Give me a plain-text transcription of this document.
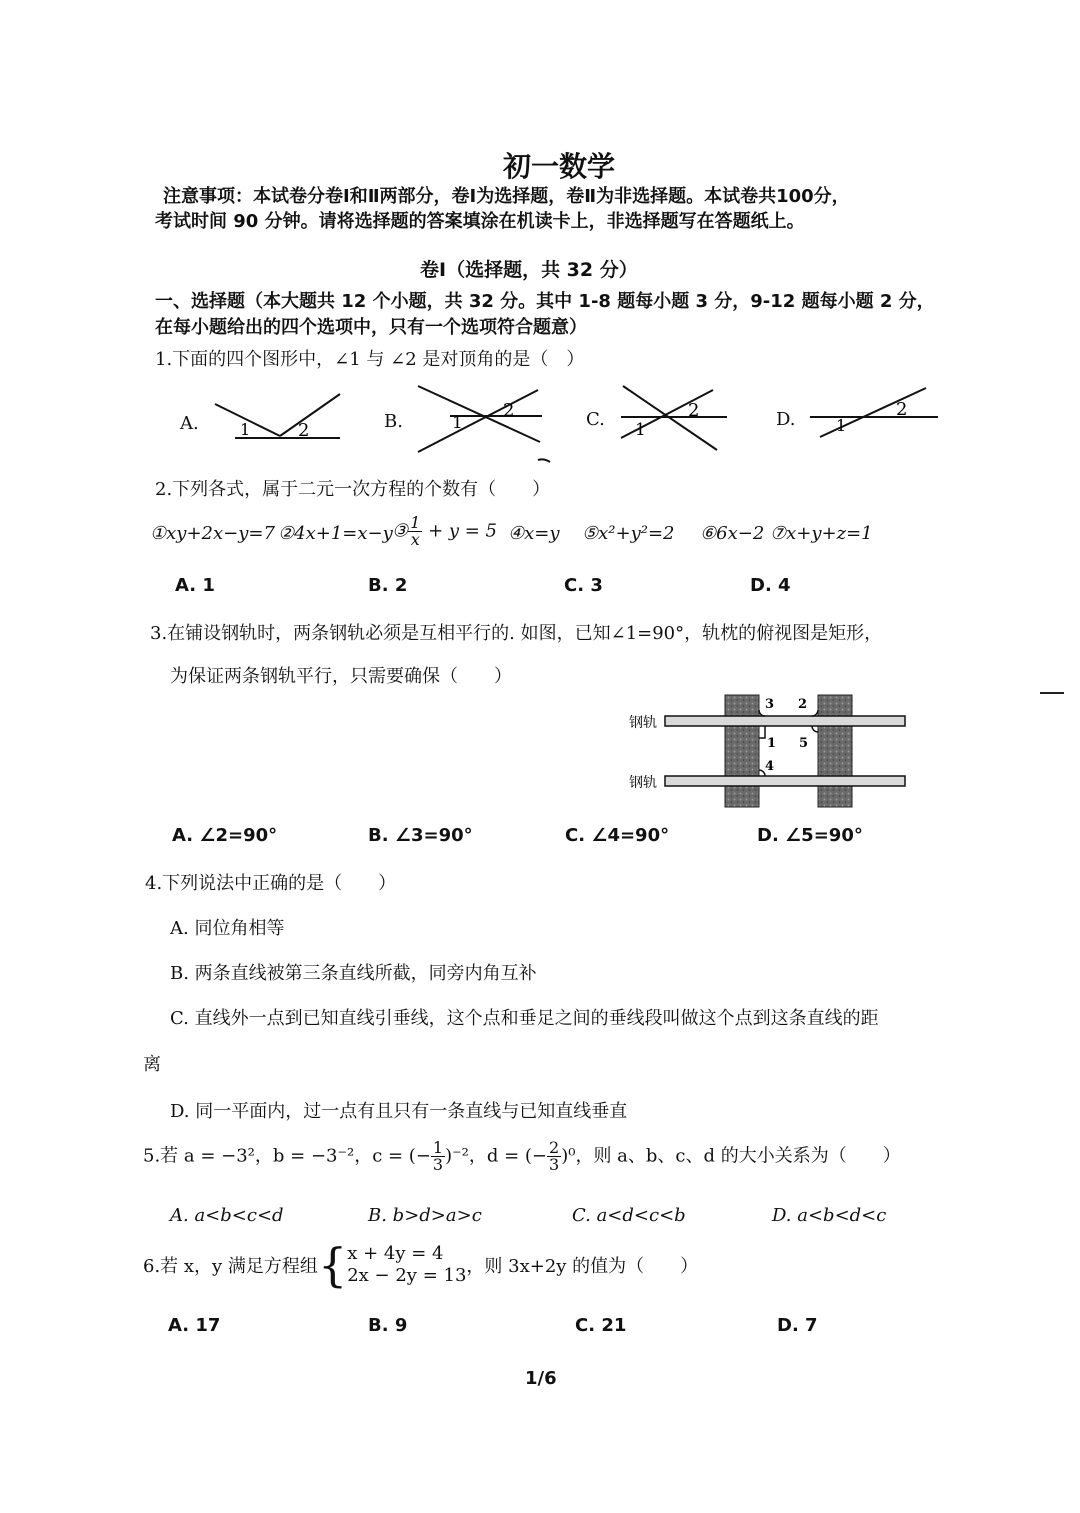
初一数学
注意事项：本试卷分卷Ⅰ和Ⅱ两部分，卷Ⅰ为选择题，卷Ⅱ为非选择题。本试卷共100分，
考试时间 90 分钟。请将选择题的答案填涂在机读卡上，非选择题写在答题纸上。
卷Ⅰ（选择题，共 32 分）
一、选择题（本大题共 12 个小题，共 32 分。其中 1-8 题每小题 3 分，9-12 题每小题 2 分，
在每小题给出的四个选项中，只有一个选项符合题意）
1.下面的四个图形中，∠1 与 ∠2 是对顶角的是（　）
A.	B.	C.	D.
1	2	1
2
1
2
1
2
2.下列各式，属于二元一次方程的个数有（　　）
①xy+2x−y=7 ②4x+1=x−y ③ $\frac{1}{x} + y = 5$ ④x=y ⑤x²+y²=2 ⑥6x−2 ⑦x+y+z=1
A. 1	B. 2	C. 3	D. 4
3.在铺设钢轨时，两条钢轨必须是互相平行的. 如图，已知∠1=90°，轨枕的俯视图是矩形，
为保证两条钢轨平行，只需要确保（　　）
钢轨
钢轨
1
2
3
4
5
A. ∠2=90°	B. ∠3=90°	C. ∠4=90°	D. ∠5=90°
4.下列说法中正确的是（　　）
A. 同位角相等
B. 两条直线被第三条直线所截，同旁内角互补
C. 直线外一点到已知直线引垂线，这个点和垂足之间的垂线段叫做这个点到这条直线的距
离
D. 同一平面内，过一点有且只有一条直线与已知直线垂直
5.若 a = −3²，b = −3⁻²，c = (− $\frac{1}{3} )^{-2}$，d = (− $\frac{2}{3} )^0$，则 a、b、c、d 的大小关系为（　　）
A. a<b<c<d	B. b>d>a>c	C. a<d<c<b	D. a<b<d<c
6.若 x，y 满足方程组{ x + 4y = 4
2x − 2y = 13 ，则 3x+2y 的值为（　　）
A. 17	B. 9	C. 21	D. 7
1/6
